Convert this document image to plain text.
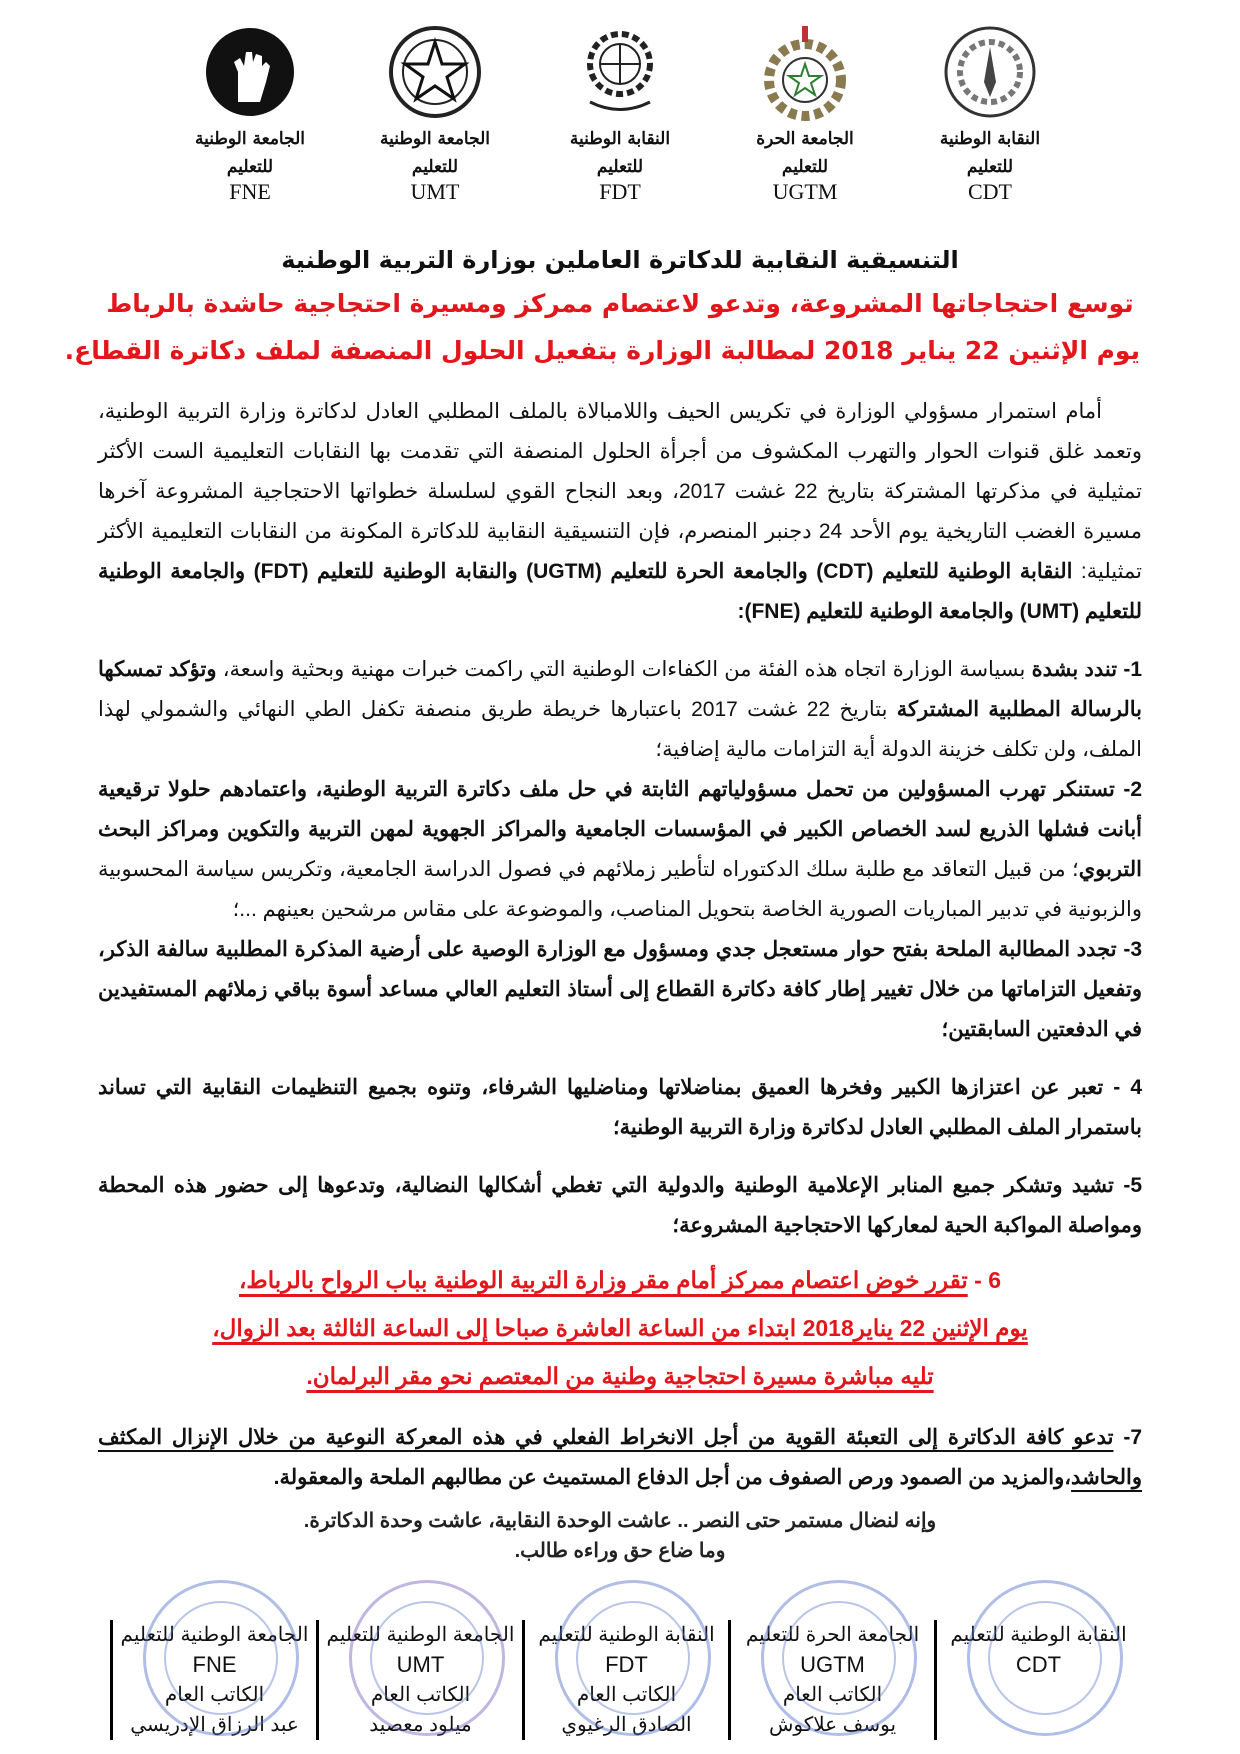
النقابة الوطنية
للتعليم
CDT
الجامعة الحرة
للتعليم
UGTM
النقابة الوطنية
للتعليم
FDT
الجامعة الوطنية
للتعليم
UMT
الجامعة الوطنية
للتعليم
FNE
التنسيقية النقابية للدكاترة العاملين بوزارة التربية الوطنية
توسع احتجاجاتها المشروعة، وتدعو لاعتصام ممركز ومسيرة احتجاجية حاشدة بالرباط
يوم الإثنين 22 يناير 2018 لمطالبة الوزارة بتفعيل الحلول المنصفة لملف دكاترة القطاع.

أمام استمرار مسؤولي الوزارة في تكريس الحيف واللامبالاة بالملف المطلبي العادل لدكاترة وزارة التربية الوطنية، وتعمد غلق قنوات الحوار والتهرب المكشوف من أجرأة الحلول المنصفة التي تقدمت بها النقابات التعليمية الست الأكثر تمثيلية في مذكرتها المشتركة بتاريخ 22 غشت 2017، وبعد النجاح القوي لسلسلة خطواتها الاحتجاجية المشروعة آخرها مسيرة الغضب التاريخية يوم الأحد 24 دجنبر المنصرم، فإن التنسيقية النقابية للدكاترة المكونة من النقابات التعليمية الأكثر تمثيلية: النقابة الوطنية للتعليم (CDT) والجامعة الحرة للتعليم (UGTM) والنقابة الوطنية للتعليم (FDT) والجامعة الوطنية للتعليم (UMT) والجامعة الوطنية للتعليم (FNE):

1- تندد بشدة بسياسة الوزارة اتجاه هذه الفئة من الكفاءات الوطنية التي راكمت خبرات مهنية وبحثية واسعة، وتؤكد تمسكها بالرسالة المطلبية المشتركة بتاريخ 22 غشت 2017 باعتبارها خريطة طريق منصفة تكفل الطي النهائي والشمولي لهذا الملف، ولن تكلف خزينة الدولة أية التزامات مالية إضافية؛

2- تستنكر تهرب المسؤولين من تحمل مسؤولياتهم الثابتة في حل ملف دكاترة التربية الوطنية، واعتمادهم حلولا ترقيعية أبانت فشلها الذريع لسد الخصاص الكبير في المؤسسات الجامعية والمراكز الجهوية لمهن التربية والتكوين ومراكز البحث التربوي؛ من قبيل التعاقد مع طلبة سلك الدكتوراه لتأطير زملائهم في فصول الدراسة الجامعية، وتكريس سياسة المحسوبية والزبونية في تدبير المباريات الصورية الخاصة بتحويل المناصب، والموضوعة على مقاس مرشحين بعينهم ...؛

3- تجدد المطالبة الملحة بفتح حوار مستعجل جدي ومسؤول مع الوزارة الوصية على أرضية المذكرة المطلبية سالفة الذكر، وتفعيل التزاماتها من خلال تغيير إطار كافة دكاترة القطاع إلى أستاذ التعليم العالي مساعد أسوة بباقي زملائهم المستفيدين في الدفعتين السابقتين؛

4 - تعبر عن اعتزازها الكبير وفخرها العميق بمناضلاتها ومناضليها الشرفاء، وتنوه بجميع التنظيمات النقابية التي تساند باستمرار الملف المطلبي العادل لدكاترة وزارة التربية الوطنية؛

5- تشيد وتشكر جميع المنابر الإعلامية الوطنية والدولية التي تغطي أشكالها النضالية، وتدعوها إلى حضور هذه المحطة ومواصلة المواكبة الحية لمعاركها الاحتجاجية المشروعة؛

6 - تقرر خوض اعتصام ممركز أمام مقر وزارة التربية الوطنية بباب الرواح بالرباط،
يوم الإثنين 22 يناير2018 ابتداء من الساعة العاشرة صباحا إلى الساعة الثالثة بعد الزوال،
تليه مباشرة مسيرة احتجاجية وطنية من المعتصم نحو مقر البرلمان.

7- تدعو كافة الدكاترة إلى التعبئة القوية من أجل الانخراط الفعلي في هذه المعركة النوعية من خلال الإنزال المكثف والحاشد،والمزيد من الصمود ورص الصفوف من أجل الدفاع المستميث عن مطالبهم الملحة والمعقولة.

وإنه لنضال مستمر حتى النصر .. عاشت الوحدة النقابية، عاشت وحدة الدكاترة.
وما ضاع حق وراءه طالب.
النقابة الوطنية للتعليم
CDT
الجامعة الحرة للتعليم
UGTM
الكاتب العام
يوسف علاكوش
النقابة الوطنية للتعليم
FDT
الكاتب العام
الصادق الرغيوي
الجامعة الوطنية للتعليم
UMT
الكاتب العام
ميلود معصيد
الجامعة الوطنية للتعليم
FNE
الكاتب العام
عبد الرزاق الإدريسي
